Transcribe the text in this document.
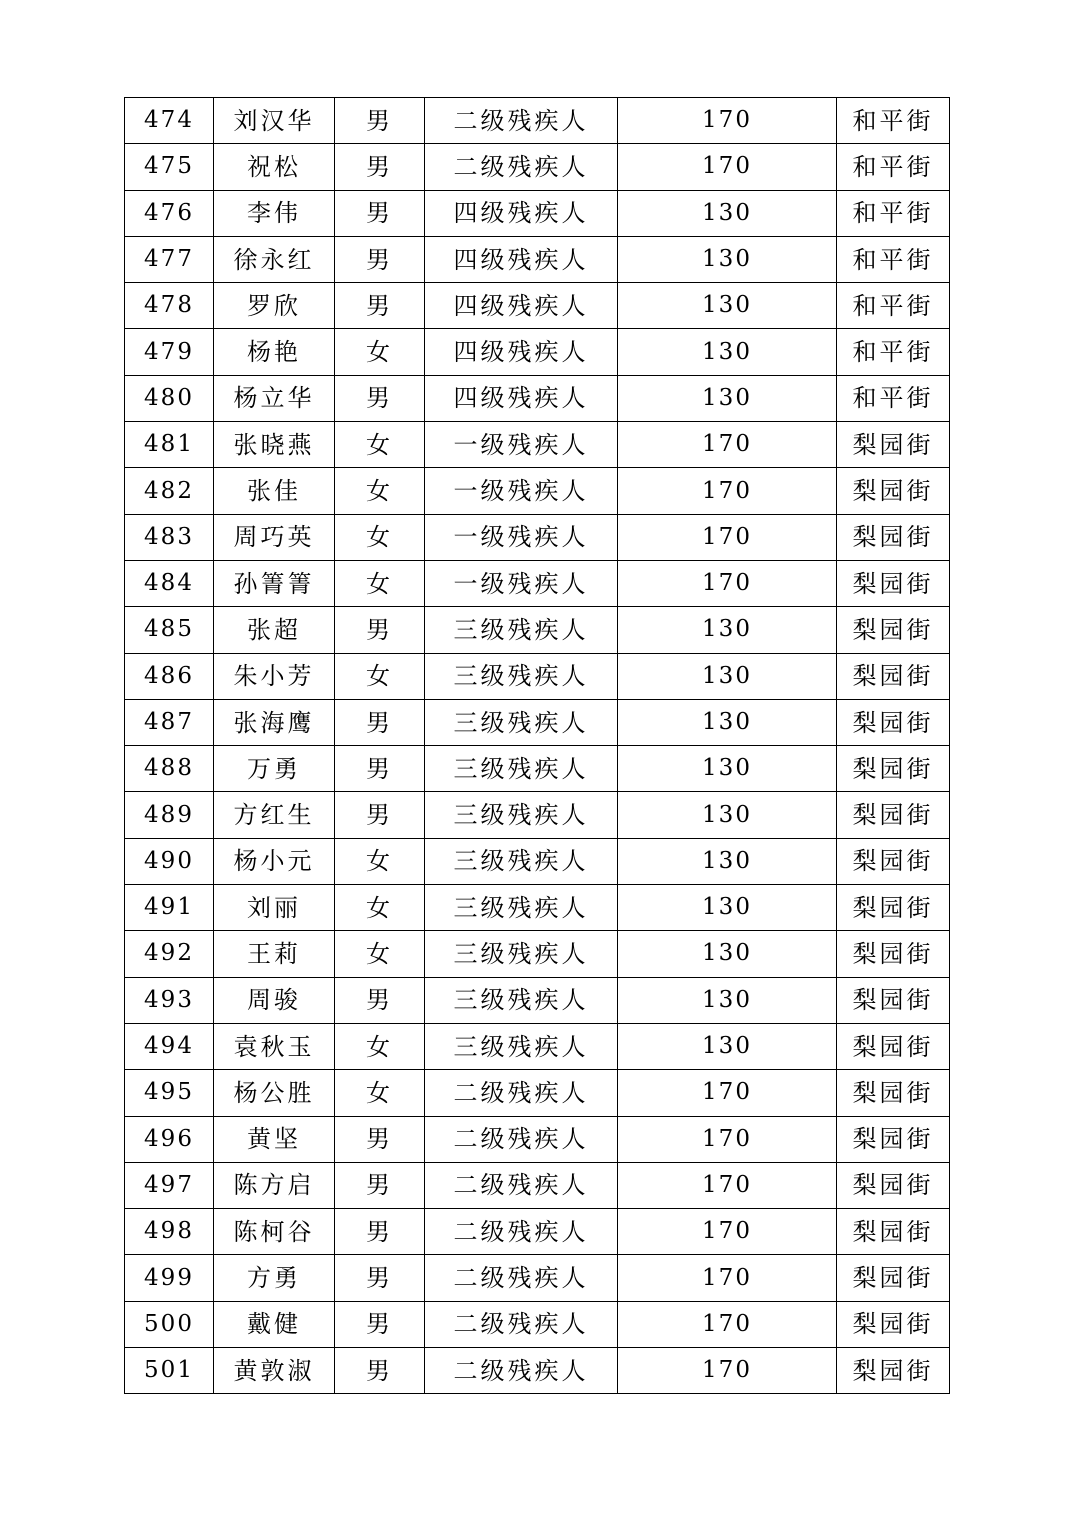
474	刘汉华	男	二级残疾人	170	和平街
475	祝松	男	二级残疾人	170	和平街
476	李伟	男	四级残疾人	130	和平街
477	徐永红	男	四级残疾人	130	和平街
478	罗欣	男	四级残疾人	130	和平街
479	杨艳	女	四级残疾人	130	和平街
480	杨立华	男	四级残疾人	130	和平街
481	张晓燕	女	一级残疾人	170	梨园街
482	张佳	女	一级残疾人	170	梨园街
483	周巧英	女	一级残疾人	170	梨园街
484	孙箐箐	女	一级残疾人	170	梨园街
485	张超	男	三级残疾人	130	梨园街
486	朱小芳	女	三级残疾人	130	梨园街
487	张海鹰	男	三级残疾人	130	梨园街
488	万勇	男	三级残疾人	130	梨园街
489	方红生	男	三级残疾人	130	梨园街
490	杨小元	女	三级残疾人	130	梨园街
491	刘丽	女	三级残疾人	130	梨园街
492	王莉	女	三级残疾人	130	梨园街
493	周骏	男	三级残疾人	130	梨园街
494	袁秋玉	女	三级残疾人	130	梨园街
495	杨公胜	女	二级残疾人	170	梨园街
496	黄坚	男	二级残疾人	170	梨园街
497	陈方启	男	二级残疾人	170	梨园街
498	陈柯谷	男	二级残疾人	170	梨园街
499	方勇	男	二级残疾人	170	梨园街
500	戴健	男	二级残疾人	170	梨园街
501	黄敦淑	男	二级残疾人	170	梨园街
